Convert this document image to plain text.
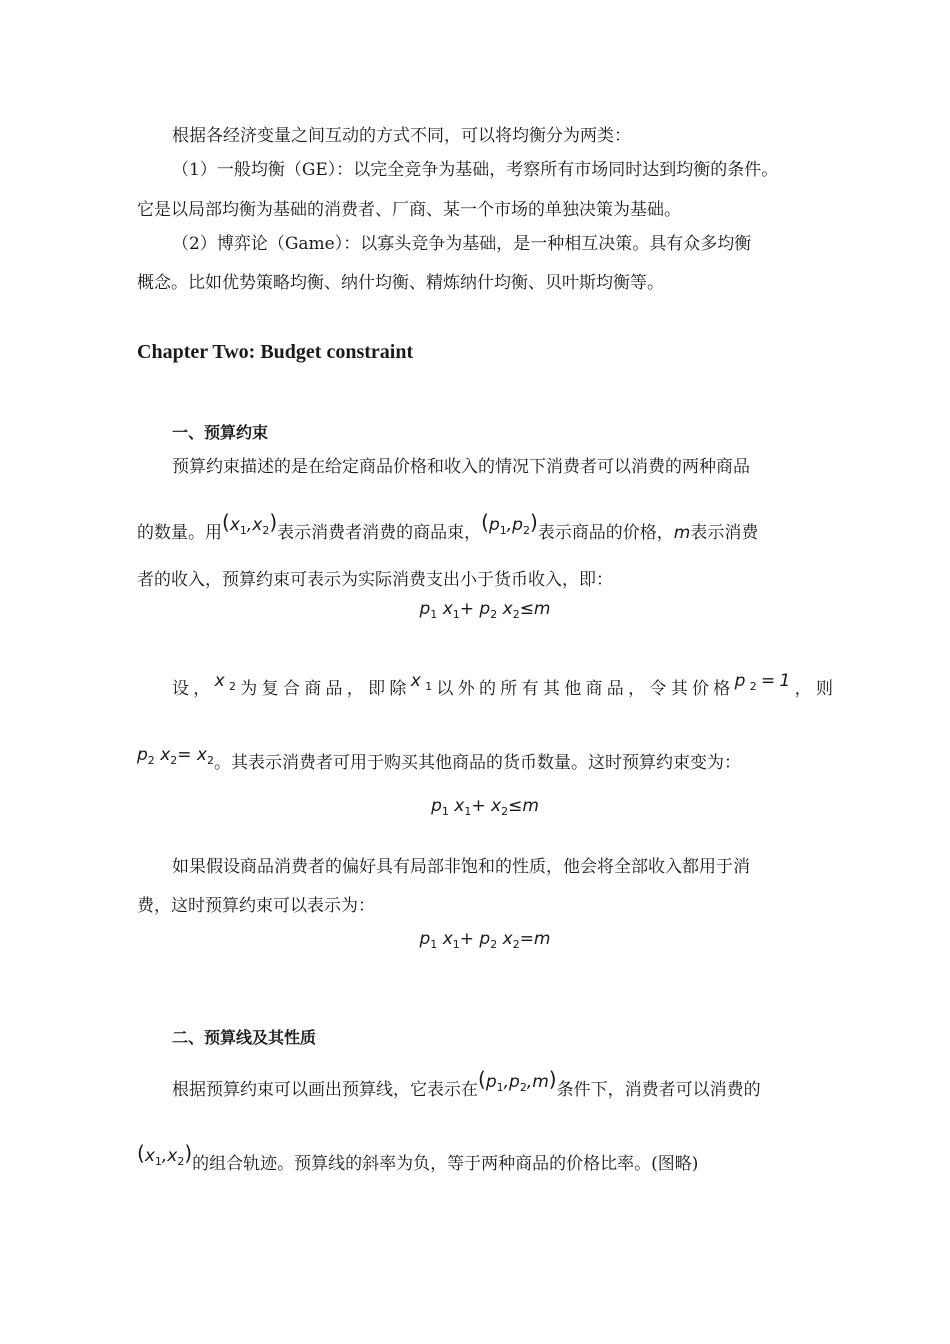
根据各经济变量之间互动的方式不同，可以将均衡分为两类：
（1）一般均衡（GE）：以完全竞争为基础，考察所有市场同时达到均衡的条件。
它是以局部均衡为基础的消费者、厂商、某一个市场的单独决策为基础。
（2）博弈论（Game）：以寡头竞争为基础，是一种相互决策。具有众多均衡
概念。比如优势策略均衡、纳什均衡、精炼纳什均衡、贝叶斯均衡等。
Chapter Two: Budget constraint
一、预算约束
预算约束描述的是在给定商品价格和收入的情况下消费者可以消费的两种商品
的数量。用$(x_1,x_2)$表示消费者消费的商品束，$(p_1,p_2)$表示商品的价格，m表示消费
者的收入，预算约束可表示为实际消费支出小于货币收入，即：
$p_1$ $x_1+ p_2$ $x_2\le m$
设，$x_2$为复合商品，即除$x_1$以外的所有其他商品，令其价格$p_2=1$，则
$p_2$ $x_2= x_2$。其表示消费者可用于购买其他商品的货币数量。这时预算约束变为：
$p_1$ $x_1+ x_2\le m$
如果假设商品消费者的偏好具有局部非饱和的性质，他会将全部收入都用于消
费，这时预算约束可以表示为：
$p_1$ $x_1+ p_2$ $x_2=m$
二、预算线及其性质
根据预算约束可以画出预算线，它表示在$(p_1,p_2,m)$条件下，消费者可以消费的
$(x_1,x_2)$的组合轨迹。预算线的斜率为负，等于两种商品的价格比率。(图略)
